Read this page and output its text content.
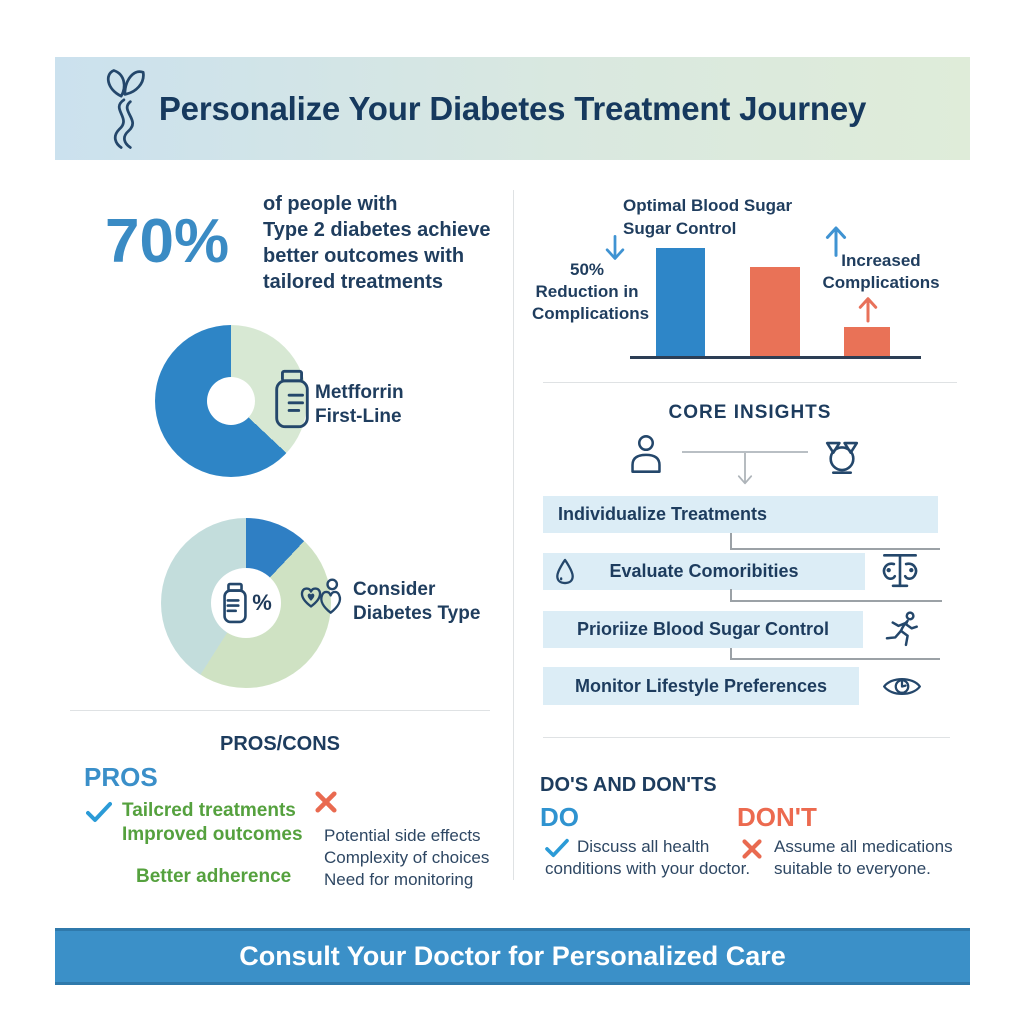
Personalize Your Diabetes Treatment Journey
70%
of people with
Type 2 diabetes achieve
better outcomes with
tailored treatments
Metfforrin
First-Line
%
Consider
Diabetes Type
Optimal Blood Sugar
Sugar Control
50%
Reduction in
Complications
Increased
Complications
CORE INSIGHTS
Individualize Treatments
Evaluate Comoribities
Prioriize Blood Sugar Control
Monitor Lifestyle Preferences
PROS/CONS
PROS
Tailcred treatments
Improved outcomes
Better adherence
Potential side effects
Complexity of choices
Need for monitoring
DO'S AND DON'TS
DO
Discuss all health
conditions with your doctor.
DON'T
Assume all medications
suitable to everyone.
Consult Your Doctor for Personalized Care
